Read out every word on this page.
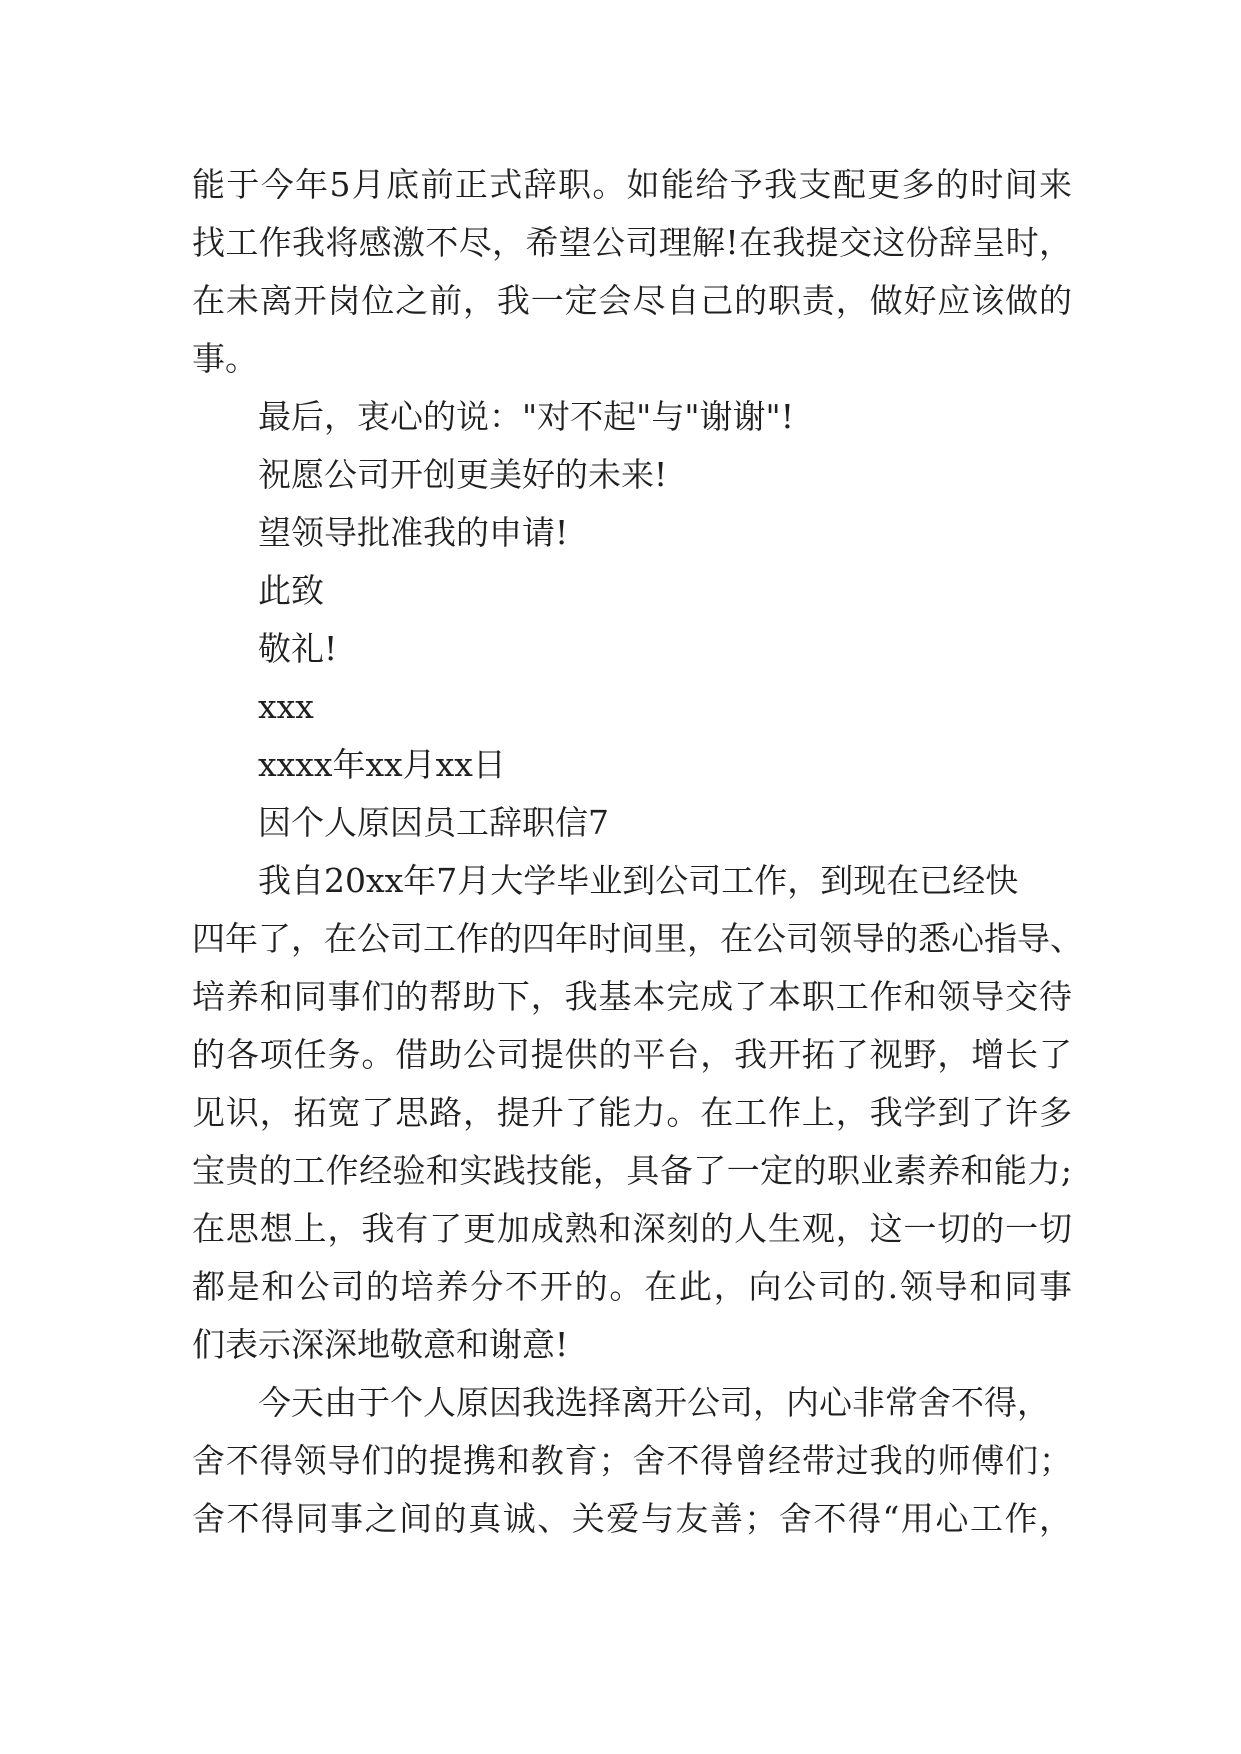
能于今年5月底前正式辞职。如能给予我支配更多的时间来
找工作我将感激不尽，希望公司理解!在我提交这份辞呈时，
在未离开岗位之前，我一定会尽自己的职责，做好应该做的
事。
最后，衷心的说："对不起"与"谢谢"!
祝愿公司开创更美好的未来!
望领导批准我的申请!
此致
敬礼!
xxx
xxxx年xx月xx日
因个人原因员工辞职信7
我自20xx年7月大学毕业到公司工作，到现在已经快
四年了，在公司工作的四年时间里，在公司领导的悉心指导、
培养和同事们的帮助下，我基本完成了本职工作和领导交待
的各项任务。借助公司提供的平台，我开拓了视野，增长了
见识，拓宽了思路，提升了能力。在工作上，我学到了许多
宝贵的工作经验和实践技能，具备了一定的职业素养和能力;
在思想上，我有了更加成熟和深刻的人生观，这一切的一切
都是和公司的培养分不开的。在此，向公司的.领导和同事
们表示深深地敬意和谢意!
今天由于个人原因我选择离开公司，内心非常舍不得，
舍不得领导们的提携和教育；舍不得曾经带过我的师傅们；
舍不得同事之间的真诚、关爱与友善；舍不得“用心工作，
